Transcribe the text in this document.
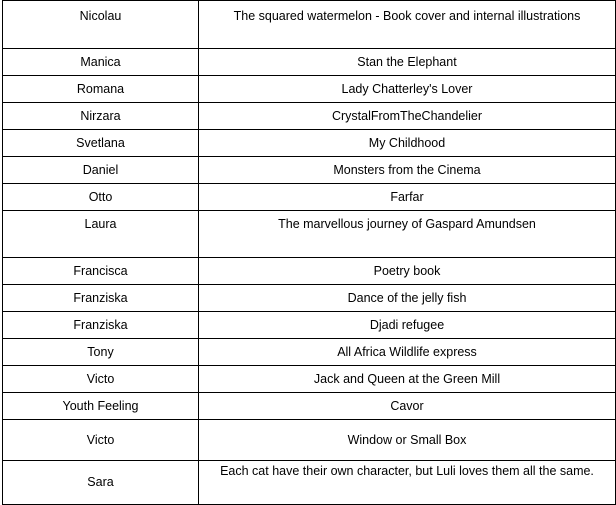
Nicolau	The squared watermelon - Book cover and internal illustrations
Manica	Stan the Elephant
Romana	Lady Chatterley's Lover
Nirzara	CrystalFromTheChandelier
Svetlana	My Childhood
Daniel	Monsters from the Cinema
Otto	Farfar
Laura	The marvellous journey of Gaspard Amundsen
Francisca	Poetry book
Franziska	Dance of the jelly fish
Franziska	Djadi refugee
Tony	All Africa Wildlife express
Victo	Jack and Queen at the Green Mill
Youth Feeling	Cavor
Victo	Window or Small Box
Sara	Each cat have their own character, but Luli loves them all the same.
